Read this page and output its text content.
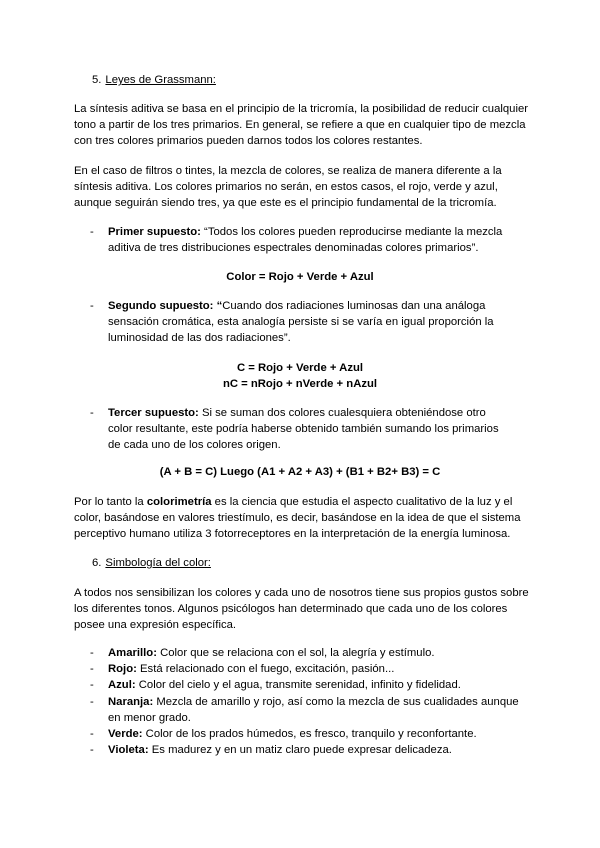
5. Leyes de Grassmann:

La síntesis aditiva se basa en el principio de la tricromía, la posibilidad de reducir cualquier tono a partir de los tres primarios. En general, se refiere a que en cualquier tipo de mezcla con tres colores primarios pueden darnos todos los colores restantes.

En el caso de filtros o tintes, la mezcla de colores, se realiza de manera diferente a la síntesis aditiva. Los colores primarios no serán, en estos casos, el rojo, verde y azul, aunque seguirán siendo tres, ya que este es el principio fundamental de la tricromía.

- Primer supuesto: “Todos los colores pueden reproducirse mediante la mezcla aditiva de tres distribuciones espectrales denominadas colores primarios”.
Color = Rojo + Verde + Azul
- Segundo supuesto: “Cuando dos radiaciones luminosas dan una análoga sensación cromática, esta analogía persiste si se varía en igual proporción la luminosidad de las dos radiaciones”.
C = Rojo + Verde + Azul
nC = nRojo + nVerde + nAzul
- Tercer supuesto: Si se suman dos colores cualesquiera obteniéndose otro color resultante, este podría haberse obtenido también sumando los primarios de cada uno de los colores origen.
(A + B = C) Luego (A1 + A2 + A3) + (B1 + B2+ B3) = C

Por lo tanto la colorimetría es la ciencia que estudia el aspecto cualitativo de la luz y el color, basándose en valores triestímulo, es decir, basándose en la idea de que el sistema perceptivo humano utiliza 3 fotorreceptores en la interpretación de la energía luminosa.

6. Simbología del color:

A todos nos sensibilizan los colores y cada uno de nosotros tiene sus propios gustos sobre los diferentes tonos. Algunos psicólogos han determinado que cada uno de los colores posee una expresión específica.

- Amarillo: Color que se relaciona con el sol, la alegría y estímulo.
- Rojo: Está relacionado con el fuego, excitación, pasión...
- Azul: Color del cielo y el agua, transmite serenidad, infinito y fidelidad.
- Naranja: Mezcla de amarillo y rojo, así como la mezcla de sus cualidades aunque en menor grado.
- Verde: Color de los prados húmedos, es fresco, tranquilo y reconfortante.
- Violeta: Es madurez y en un matiz claro puede expresar delicadeza.
